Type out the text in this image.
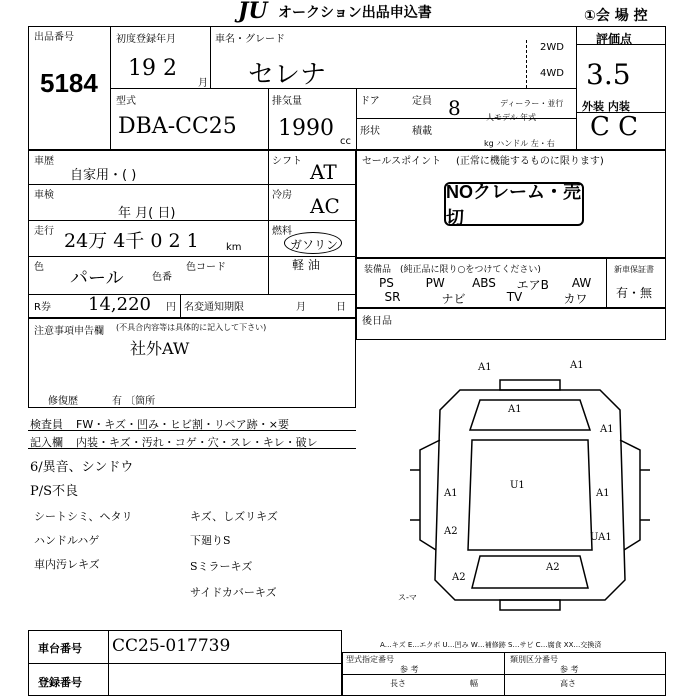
JU オークション出品申込書	①会 場 控
出品番号
5184
初度登録年月
19 2
月
車名・グレード
セレナ
2WD
4WD
評価点
3.5
外装 内装
C C
型式
DBA-CC25
排気量
1990
cc
ドア	定員 8	ディーラー・並行
人モデル 年式
形状	積載
kg ハンドル 左・右
車歴
自家用・( )
車検
年 月( 日)
走行 24万 4千 0 2 1	km
色
パール	色番
色コード
シフト AT
冷房 AC
燃料
ガソリン
軽 油
R券 14,220 円 名変通知期限	月	日
注意事項申告欄 (不具合内容等は具体的に記入して下さい)
社外AW
修復歴	有 〔箇所
セールスポイント (正常に機能するものに限ります)
NOクレーム・売切
装備品 (純正品に限り○をつけてください)	新車保証書
有・無
PS	PW	ABS	エアB	AW
SR	ナビ	TV	カワ
後日品
検査員 FW・キズ・凹み・ヒビ割・リペア跡・×要
記入欄 内装・キズ・汚れ・コゲ・穴・スレ・キレ・破レ
6/異音、シンドウ
P/S不良
シートシミ、ヘタリ
ハンドルハゲ
車内汚レキズ
キズ、しズリキズ
下廻りS
Sミラーキズ
サイドカバーキズ
A1	A1
A1
A1
A1	A1
A2
UA1
A2
A2
U1
ス-マ
A…キズ E…エクボ U…凹み W…補修跡 S…サビ C…腐食 XX…交換済
車台番号 CC25-017739
登録番号
型式指定番号
参 考
類別区分番号
参 考
長さ	幅	高さ
